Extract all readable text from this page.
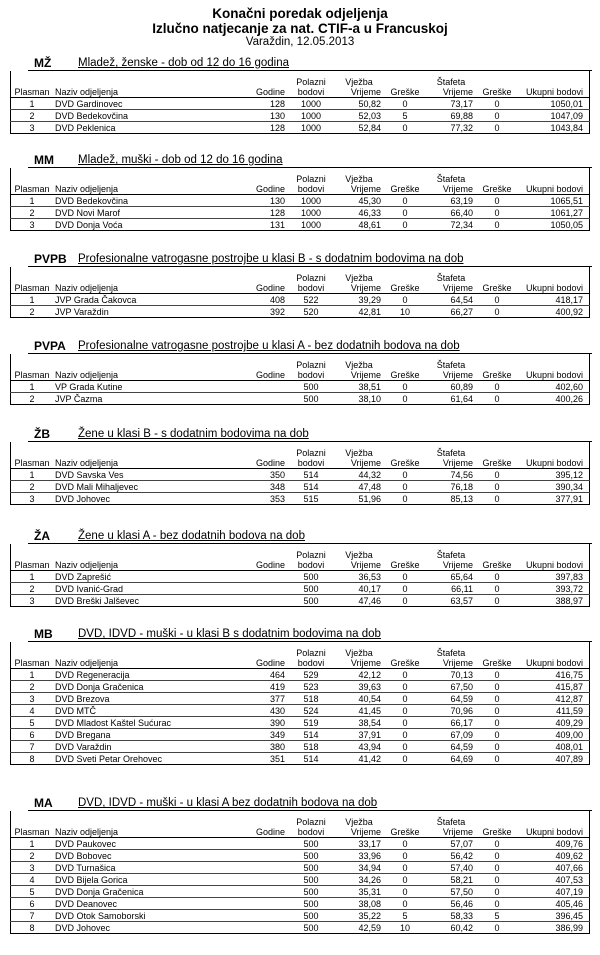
Konačni poredak odjeljenja
Izlučno natjecanje za nat. CTIF-a u Francuskoj
Varaždin, 12.05.2013
MŽ Mladež, ženske - dob od 12 do 16 godina
Plasman	Naziv odjeljenja	Godine	Polazni bodovi	Vježba
Vrijeme	Greške	Štafeta
Vrijeme	Greške	Ukupni bodovi
1	DVD Gardinovec	128	1000	50,82	0	73,17	0	1050,01
2	DVD Bedekovčina	130	1000	52,03	5	69,88	0	1047,09
3	DVD Peklenica	128	1000	52,84	0	77,32	0	1043,84
MM Mladež, muški - dob od 12 do 16 godina
Plasman	Naziv odjeljenja	Godine	Polazni bodovi	Vježba
Vrijeme	Greške	Štafeta
Vrijeme	Greške	Ukupni bodovi
1	DVD Bedekovčina	130	1000	45,30	0	63,19	0	1065,51
2	DVD Novi Marof	128	1000	46,33	0	66,40	0	1061,27
3	DVD Donja Voća	131	1000	48,61	0	72,34	0	1050,05
PVPB Profesionalne vatrogasne postrojbe u klasi B - s dodatnim bodovima na dob
Plasman	Naziv odjeljenja	Godine	Polazni bodovi	Vježba
Vrijeme	Greške	Štafeta
Vrijeme	Greške	Ukupni bodovi
1	JVP Grada Čakovca	408	522	39,29	0	64,54	0	418,17
2	JVP Varaždin	392	520	42,81	10	66,27	0	400,92
PVPA Profesionalne vatrogasne postrojbe u klasi A - bez dodatnih bodova na dob
Plasman	Naziv odjeljenja	Godine	Polazni bodovi	Vježba
Vrijeme	Greške	Štafeta
Vrijeme	Greške	Ukupni bodovi
1	VP Grada Kutine		500	38,51	0	60,89	0	402,60
2	JVP Čazma		500	38,10	0	61,64	0	400,26
ŽB Žene u klasi B - s dodatnim bodovima na dob
Plasman	Naziv odjeljenja	Godine	Polazni bodovi	Vježba
Vrijeme	Greške	Štafeta
Vrijeme	Greške	Ukupni bodovi
1	DVD Savska Ves	350	514	44,32	0	74,56	0	395,12
2	DVD Mali Mihaljevec	348	514	47,48	0	76,18	0	390,34
3	DVD Johovec	353	515	51,96	0	85,13	0	377,91
ŽA Žene u klasi A - bez dodatnih bodova na dob
Plasman	Naziv odjeljenja	Godine	Polazni bodovi	Vježba
Vrijeme	Greške	Štafeta
Vrijeme	Greške	Ukupni bodovi
1	DVD Zaprešić		500	36,53	0	65,64	0	397,83
2	DVD Ivanić-Grad		500	40,17	0	66,11	0	393,72
3	DVD Breški Jalševec		500	47,46	0	63,57	0	388,97
MB DVD, IDVD - muški - u klasi B s dodatnim bodovima na dob
Plasman	Naziv odjeljenja	Godine	Polazni bodovi	Vježba
Vrijeme	Greške	Štafeta
Vrijeme	Greške	Ukupni bodovi
1	DVD Regeneracija	464	529	42,12	0	70,13	0	416,75
2	DVD Donja Gračenica	419	523	39,63	0	67,50	0	415,87
3	DVD Brezova	377	518	40,54	0	64,59	0	412,87
4	DVD MTČ	430	524	41,45	0	70,96	0	411,59
5	DVD Mladost Kaštel Sućurac	390	519	38,54	0	66,17	0	409,29
6	DVD Bregana	349	514	37,91	0	67,09	0	409,00
7	DVD Varaždin	380	518	43,94	0	64,59	0	408,01
8	DVD Sveti Petar Orehovec	351	514	41,42	0	64,69	0	407,89
MA DVD, IDVD - muški - u klasi A bez dodatnih bodova na dob
Plasman	Naziv odjeljenja	Godine	Polazni bodovi	Vježba
Vrijeme	Greške	Štafeta
Vrijeme	Greške	Ukupni bodovi
1	DVD Paukovec		500	33,17	0	57,07	0	409,76
2	DVD Bobovec		500	33,96	0	56,42	0	409,62
3	DVD Turnašica		500	34,94	0	57,40	0	407,66
4	DVD Bijela Gorica		500	34,26	0	58,21	0	407,53
5	DVD Donja Gračenica		500	35,31	0	57,50	0	407,19
6	DVD Deanovec		500	38,08	0	56,46	0	405,46
7	DVD Otok Samoborski		500	35,22	5	58,33	5	396,45
8	DVD Johovec		500	42,59	10	60,42	0	386,99
